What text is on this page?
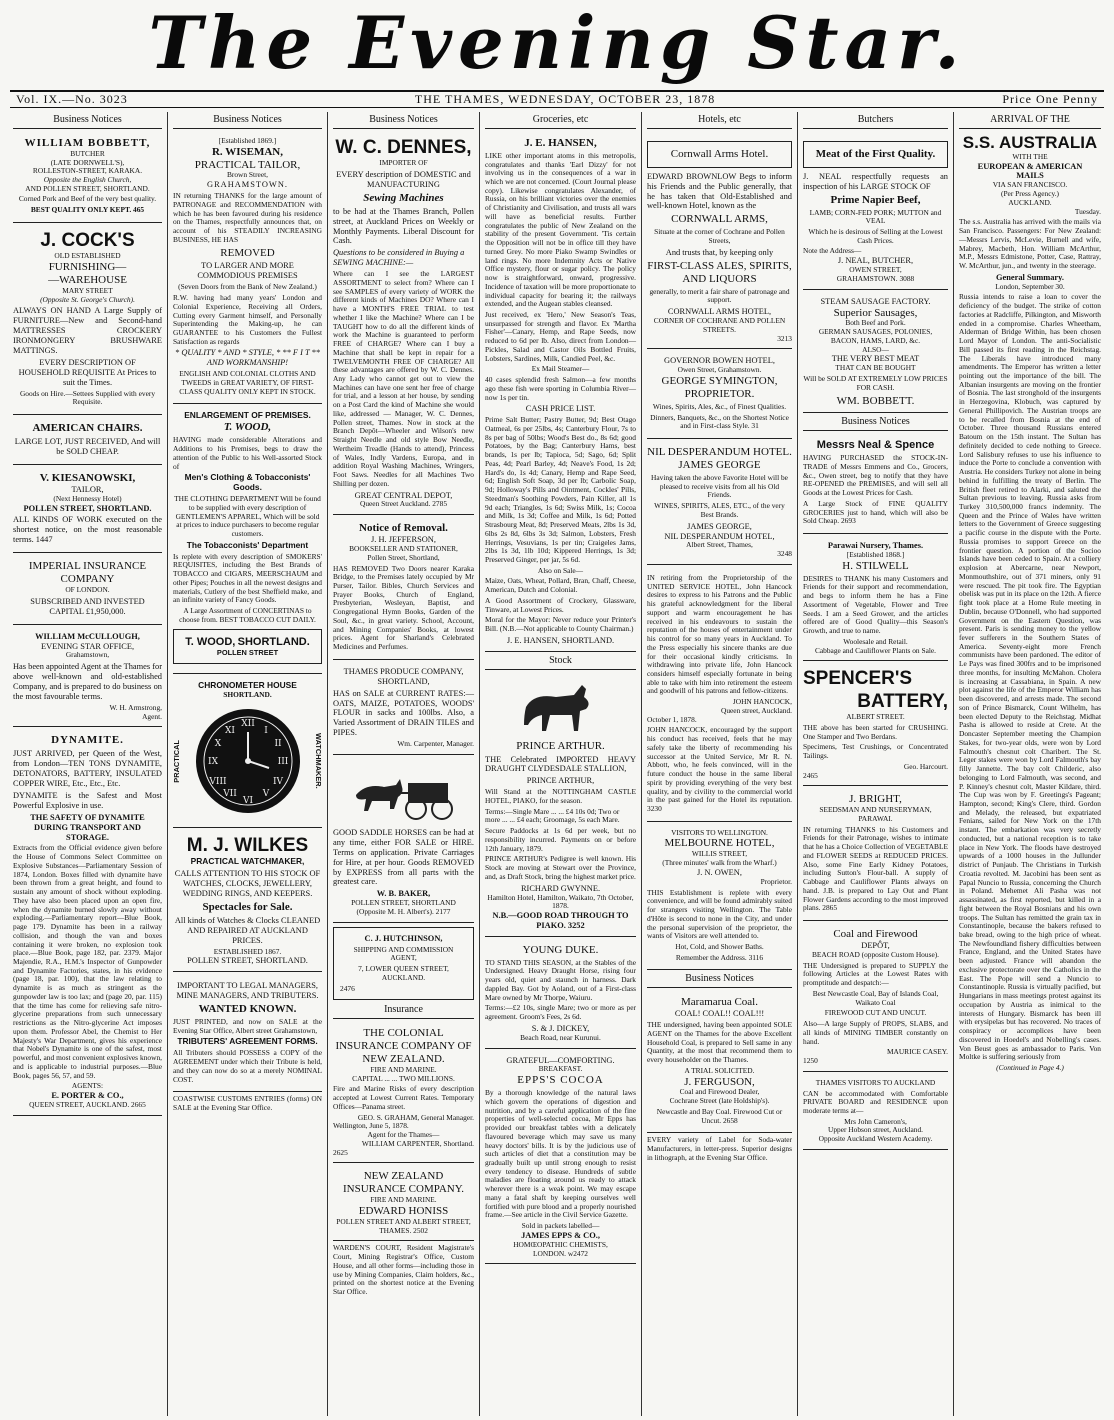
The Evening Star.
Vol. IX.—No. 3023	THE THAMES, WEDNESDAY, OCTOBER 23, 1878	Price One Penny
Business Notices
WILLIAM BOBBETT,
BUTCHER
(LATE DORNWELL'S),
ROLLESTON-STREET, KARAKA.
Opposite the English Church,
AND POLLEN STREET, SHORTLAND.

Corned Pork and Beef of the very best quality.

BEST QUALITY ONLY KEPT. 465

J. COCK'S
OLD ESTABLISHED
FURNISHING—
—WAREHOUSE
MARY STREET
(Opposite St. George's Church).

ALWAYS ON HAND A Large Supply of FURNITURE—New and Second-hand MATTRESSES CROCKERY IRONMONGERY BRUSHWARE MATTINGS.

EVERY DESCRIPTION OF HOUSEHOLD REQUISITE At Prices to suit the Times.

Goods on Hire.—Settees Supplied with every Requisite.

AMERICAN CHAIRS.

LARGE LOT, JUST RECEIVED, And will be SOLD CHEAP.

V. KIESANOWSKI,
TAILOR,
(Next Hennessy Hotel)
POLLEN STREET, SHORTLAND.

ALL KINDS OF WORK executed on the shortest notice, on the most reasonable terms. 1447

IMPERIAL INSURANCE COMPANY
OF LONDON.

SUBSCRIBED AND INVESTED CAPITAL £1,950,000.

WILLIAM McCULLOUGH,
EVENING STAR OFFICE,
Grahamstown,

Has been appointed Agent at the Thames for above well-known and old-established Company, and is prepared to do business on the most favourable terms.

W. H. Armstrong,
Agent.
DYNAMITE.

JUST ARRIVED, per Queen of the West, from London—TEN TONS DYNAMITE, DETONATORS, BATTERY, INSULATED COPPER WIRE, Etc., Etc., Etc.

DYNAMITE is the Safest and Most Powerful Explosive in use.

THE SAFETY OF DYNAMITE DURING TRANSPORT AND STORAGE.

Extracts from the Official evidence given before the House of Commons Select Committee on Explosive Substances—Parliamentary Session of 1874, London. Boxes filled with dynamite have been thrown from a great height, and found to sustain any amount of shock without exploding. They have also been placed upon an open fire, when the dynamite burned slowly away without exploding.—Parliamentary report—Blue Book, page 179. Dynamite has been in a railway collision, and though the van and boxes containing it were broken, no explosion took place.—Blue Book, page 182, par. 2379. Major Majendie, R.A., H.M.'s Inspector of Gunpowder and Dynamite Factories, states, in his evidence (page 18, par. 100), that the law relating to dynamite is as much as stringent as the gunpowder law is too lax; and (page 20, par. 115) that the time has come for relieving safe nitro-glycerine preparations from such unnecessary restrictions as the Nitro-glycerine Act imposes upon them. Professor Abel, the Chemist to Her Majesty's War Department, gives his experience that Nobel's Dynamite is one of the safest, most powerful, and most convenient explosives known, and is applicable to industrial purposes.—Blue Book, pages 56, 57, and 59.

AGENTS:
E. PORTER & CO.,
QUEEN STREET, AUCKLAND. 2665
Business Notices
[Established 1869.]
R. WISEMAN,
PRACTICAL TAILOR,
Brown Street,
GRAHAMSTOWN.

IN returning THANKS for the large amount of PATRONAGE and RECOMMENDATION with which he has been favoured during his residence on the Thames, respectfully announces that, on account of his STEADILY INCREASING BUSINESS, HE HAS

REMOVED

TO LARGER AND MORE COMMODIOUS PREMISES

(Seven Doors from the Bank of New Zealand.)

R.W. having had many years' London and Colonial Experience, Receiving all Orders, Cutting every Garment himself, and Personally Superintending the Making-up, he can GUARANTEE to his Customers the Fullest Satisfaction as regards

* QUALITY * AND * STYLE, * ** F I T ** AND WORKMANSHIP!

ENGLISH AND COLONIAL CLOTHS AND TWEEDS in GREAT VARIETY, OF FIRST-CLASS QUALITY ONLY KEPT IN STOCK.

ENLARGEMENT OF PREMISES.
T. WOOD,

HAVING made considerable Alterations and Additions to his Premises, begs to draw the attention of the Public to his Well-assorted Stock of

Men's Clothing & Tobacconists' Goods.

THE CLOTHING DEPARTMENT Will be found to be supplied with every description of GENTLEMEN'S APPAREL, Which will be sold at prices to induce purchasers to become regular customers.

The Tobacconists' Department

Is replete with every description of SMOKERS' REQUISITES, including the Best Brands of TOBACCO and CIGARS, MEERSCHAUM and other Pipes; Pouches in all the newest designs and materials, Cutlery of the best Sheffield make, and an infinite variety of Fancy Goods.

A Large Assortment of CONCERTINAS to choose from. BEST TOBACCO CUT DAILY.

T. WOOD, SHORTLAND.
POLLEN STREET
CHRONOMETER HOUSE
SHORTLAND.
PRACTICAL
XII
III
VI
IX
I
II
IV
V
VII
VIII
X
XI
WATCHMAKER.
M. J. WILKES
PRACTICAL WATCHMAKER,

CALLS ATTENTION TO HIS STOCK OF WATCHES, CLOCKS, JEWELLERY, WEDDING RINGS, AND KEEPERS.

Spectacles for Sale.

All kinds of Watches & Clocks CLEANED AND REPAIRED AT AUCKLAND PRICES.

ESTABLISHED 1867.
POLLEN STREET, SHORTLAND.

IMPORTANT TO LEGAL MANAGERS, MINE MANAGERS, AND TRIBUTERS.

WANTED KNOWN.

JUST PRINTED, and now on SALE at the Evening Star Office, Albert street Grahamstown,

TRIBUTERS' AGREEMENT FORMS.

All Tributers should POSSESS a COPY of the AGREEMENT under which their Tribute is held, and they can now do so at a merely NOMINAL COST.

COASTWISE CUSTOMS ENTRIES (forms) ON SALE at the Evening Star Office.

Business Notices
W. C. DENNES,
IMPORTER OF

EVERY description of DOMESTIC and MANUFACTURING

Sewing Machines

to be had at the Thames Branch, Pollen street, at Auckland Prices on Weekly or Monthly Payments. Liberal Discount for Cash.

Questions to be considered in Buying a SEWING MACHINE:—

Where can I see the LARGEST ASSORTMENT to select from? Where can I see SAMPLES of every variety of WORK the different kinds of Machines DO? Where can I have a MONTH'S FREE TRIAL to test whether I like the Machine? Where can I be TAUGHT how to do all the different kinds of work the Machine is guaranteed to perform FREE of CHARGE? Where can I buy a Machine that shall be kept in repair for a TWELVEMONTH FREE OF CHARGE? All these advantages are offered by W. C. Dennes. Any Lady who cannot get out to view the Machines can have one sent her free of charge for trial, and a lesson at her house, by sending on a Post Card the kind of Machine she would like, addressed — Manager, W. C. Dennes, Pollen street, Thames. Now in stock at the Branch Depôt—Wheeler and Wilson's new Straight Needle and old style Bow Needle, Wertheim Treadle (Hands to attend), Princess of Wales, Indly Vardens, Europa, and in addition Royal Washing Machines, Wringers, Foot Saws. Needles for all Machines Two Shilling per dozen.

GREAT CENTRAL DEPOT,
Queen Street Auckland. 2785
Notice of Removal.
J. H. JEFFERSON,
BOOKSELLER AND STATIONER,
Pollen Street, Shortland,

HAS REMOVED Two Doors nearer Karaka Bridge, to the Premises lately occupied by Mr Purser, Tailor. Bibles, Church Services and Prayer Books, Church of England, Presbyterian, Wesleyan, Baptist, and Congregational Hymn Books, Garden of the Soul, &c., in great variety. School, Account, and Mining Companies' Books, at lowest prices. Agent for Sharland's Celebrated Medicines and Perfumes.

THAMES PRODUCE COMPANY, SHORTLAND,

HAS on SALE at CURRENT RATES:— OATS, MAIZE, POTATOES, WOODS' FLOUR in sacks and 100lbs. Also, a Varied Assortment of DRAIN TILES and PIPES.

Wm. Carpenter, Manager.

GOOD SADDLE HORSES can be had at any time, either FOR SALE or HIRE. Terms on application. Private Carriages for Hire, at per hour. Goods REMOVED by EXPRESS from all parts with the greatest care.

W. B. BAKER,
POLLEN STREET, SHORTLAND
(Opposite M. H. Albert's). 2177
C. J. HUTCHINSON,

SHIPPING AND COMMISSION AGENT,

7, LOWER QUEEN STREET, AUCKLAND.

2476
Insurance
THE COLONIAL INSURANCE COMPANY OF NEW ZEALAND.
FIRE AND MARINE.
CAPITAL ... ... TWO MILLIONS.

Fire and Marine Risks of every description accepted at Lowest Current Rates. Temporary Offices—Panama street.

GEO. S. GRAHAM, General Manager.
Wellington, June 5, 1878.
Agent for the Thames—
WILLIAM CARPENTER, Shortland.
2625
NEW ZEALAND INSURANCE COMPANY.
FIRE AND MARINE.
EDWARD HONISS
POLLEN STREET AND ALBERT STREET, THAMES. 2502

WARDEN'S COURT, Resident Magistrate's Court, Mining Registrar's Office, Custom House, and all other forms—including those in use by Mining Companies, Claim holders, &c., printed on the shortest notice at the Evening Star Office.

Groceries, etc
J. E. HANSEN,

LIKE other important atoms in this metropolis, congratulates and thanks 'Earl Dizzy' for not involving us in the consequences of a war in which we are not concerned. (Court Journal please copy). Likewise congratulates Alexander, of Russia, on his brilliant victories over the enemies of Christianity and Civilisation, and trusts all wars will have as beneficial results. Further congratulates the public of New Zealand on the stability of the present Government. 'Tis certain the Opposition will not be in office till they have turned Grey. No more Piako Swamp Swindles or land rings. No more Indemnity Acts or Native Office mystery, flour or sugar policy. The policy now is straightforward, onward, progressive. Incidence of taxation will be more proportionate to individual capacity for bearing it; the railways extended, and the Augean stables cleansed.

Just received, ex 'Hero,' New Season's Teas, unsurpassed for strength and flavor. Ex 'Martha Fisher'—Canary, Hemp, and Rape Seeds, now reduced to 6d per lb. Also, direct from London—Pickles, Salad and Castor Oils Bottled Fruits, Lobsters, Sardines, Milk, Candied Peel, &c.

Ex Mail Steamer—

40 cases splendid fresh Salmon—a few months ago these fish were sporting in Columbia River—now 1s per tin.

CASH PRICE LIST.

Prime Salt Butter; Pastry Butter, 9d; Best Otago Oatmeal, 6s per 25lbs, 4s; Canterbury Flour, 7s to 8s per bag of 50lbs; Wood's Best do., 8s 6d; good Potatoes, by the Bag; Canterbury Hams, best brands, 1s per lb; Tapioca, 5d; Sago, 6d; Split Peas, 4d; Pearl Barley, 4d; Neave's Food, 1s 2d; Hard's do, 1s 4d; Canary, Hemp and Rape Seed, 6d; English Soft Soap, 3d per lb; Carbolic Soap, 9d; Holloway's Pills and Ointment, Cockles' Pills, Steedman's Soothing Powders, Pain Killer, all 1s 9d each; Triangles, 1s 6d; Swiss Milk, 1s; Cocoa and Milk, 1s 3d; Coffee and Milk, 1s 6d; Potted Strasbourg Meat, 8d; Preserved Meats, 2lbs 1s 3d, 6lbs 2s 8d, 6lbs 3s 3d; Salmon, Lobsters, Fresh Herrings, Vesuvians, 1s per tin; Craigeles Jams, 2lbs 1s 3d, 1lb 10d; Kippered Herrings, 1s 3d; Preserved Ginger, per jar, 5s 6d.

Also on Sale—

Maize, Oats, Wheat, Pollard, Bran, Chaff, Cheese, American, Dutch and Colonial.

A Good Assortment of Crockery, Glassware, Tinware, at Lowest Prices.

Moral for the Mayor: Never reduce your Printer's Bill. (N.B.—Not applicable to County Chairman.)

J. E. HANSEN, SHORTLAND.
Stock
PRINCE ARTHUR.

THE Celebrated IMPORTED HEAVY DRAUGHT CLYDESDALE STALLION,

PRINCE ARTHUR,

Will Stand at the NOTTINGHAM CASTLE HOTEL, PIAKO, for the season.

Terms:—Single Mare ... ... £4 10s 0d; Two or more ... ... £4 each; Groomage, 5s each Mare.

Secure Paddocks at 1s 6d per week, but no responsibility incurred. Payments on or before 12th January, 1879.

PRINCE ARTHUR's Pedigree is well known. His Stock are moving at Stewart over the Province, and, as Draft Stock, bring the highest market price.

RICHARD GWYNNE.
Hamilton Hotel, Hamilton, Waikato, 7th October, 1878.
N.B.—GOOD ROAD THROUGH TO PIAKO. 3252
YOUNG DUKE.

TO STAND THIS SEASON, at the Stables of the Undersigned. Heavy Draught Horse, rising four years old, quiet and staunch in harness. Dark dappled Bay. Got by Aoland, out of a First-class Mare owned by Mr Thorpe, Waiuru.

Terms:—£2 10s, single Mare; two or more as per agreement. Groom's Fees, 2s 6d.

S. & J. DICKEY,
Beach Road, near Kurunui.
GRATEFUL—COMFORTING.
BREAKFAST.
EPPS'S COCOA

By a thorough knowledge of the natural laws which govern the operations of digestion and nutrition, and by a careful application of the fine properties of well-selected cocoa, Mr Epps has provided our breakfast tables with a delicately flavoured beverage which may save us many heavy doctors' bills. It is by the judicious use of such articles of diet that a constitution may be gradually built up until strong enough to resist every tendency to disease. Hundreds of subtle maladies are floating around us ready to attack wherever there is a weak point. We may escape many a fatal shaft by keeping ourselves well fortified with pure blood and a properly nourished frame.—See article in the Civil Service Gazette.

Sold in packets labelled—
JAMES EPPS & CO.,
HOMŒOPATHIC CHEMISTS,
LONDON. w2472
Hotels, etc
Cornwall Arms Hotel.

EDWARD BROWNLOW Begs to inform his Friends and the Public generally, that he has taken that Old-Established and well-known Hotel, known as the

CORNWALL ARMS,

Situate at the corner of Cochrane and Pollen Streets,

And trusts that, by keeping only

FIRST-CLASS ALES, SPIRITS, AND LIQUORS

generally, to merit a fair share of patronage and support.

CORNWALL ARMS HOTEL,
CORNER OF COCHRANE AND POLLEN STREETS.
3213
GOVERNOR BOWEN HOTEL,
Owen Street, Grahamstown.
GEORGE SYMINGTON, PROPRIETOR.

Wines, Spirits, Ales, &c., of Finest Qualities.

Dinners, Banquets, &c., on the Shortest Notice and in First-class Style. 31

NIL DESPERANDUM HOTEL.
JAMES GEORGE

Having taken the above Favorite Hotel will be pleased to receive visits from all his Old Friends.

WINES, SPIRITS, ALES, ETC., of the very Best Brands.

JAMES GEORGE,
NIL DESPERANDUM HOTEL,
Albert Street, Thames,
3248

IN retiring from the Proprietorship of the UNITED SERVICE HOTEL, John Hancock desires to express to his Patrons and the Public his grateful acknowledgment for the liberal support and warm encouragement he has received in his endeavours to sustain the reputation of the houses of entertainment under his control for so many years in Auckland. To the Press especially his sincere thanks are due for their occasional kindly criticisms. In withdrawing into private life, John Hancock considers himself especially fortunate in being able to take with him into retirement the esteem and goodwill of his patrons and fellow-citizens.

JOHN HANCOCK,
Queen street, Auckland.
October 1, 1878.

JOHN HANCOCK, encouraged by the support his conduct has received, feels that he may safely take the liberty of recommending his successor at the United Service, Mr R. N. Abbott, who, he feels convinced, will in the future conduct the house in the same liberal spirit by providing everything of the very best quality, and by civility to the commercial world in the past gained for the Hotel its reputation. 3230

VISITORS TO WELLINGTON.
MELBOURNE HOTEL,
WILLIS STREET,
(Three minutes' walk from the Wharf.)
J. N. OWEN,
Proprietor.

THIS Establishment is replete with every convenience, and will be found admirably suited for strangers visiting Wellington. The Table d'Hôte is second to none in the City, and under the personal supervision of the proprietor, the wants of Visitors are well attended to.

Hot, Cold, and Shower Baths.

Remember the Address. 3116

Business Notices
Maramarua Coal.
COAL! COAL!! COAL!!!

THE undersigned, having been appointed SOLE AGENT on the Thames for the above Excellent Household Coal, is prepared to Sell same in any Quantity, at the most that recommend them to every householder on the Thames.

A TRIAL SOLICITED.
J. FERGUSON,
Coal and Firewood Dealer,
Cochrane Street (late Holdship's).

Newcastle and Bay Coal. Firewood Cut or Uncut. 2658

EVERY variety of Label for Soda-water Manufacturers, in letter-press. Superior designs in lithograph, at the Evening Star Office.

Butchers
Meat of the First Quality.

J. NEAL respectfully requests an inspection of his LARGE STOCK OF

Prime Napier Beef,

LAMB; CORN-FED PORK; MUTTON and VEAL

Which he is desirous of Selling at the Lowest Cash Prices.

Note the Address—
J. NEAL, BUTCHER,
OWEN STREET,
GRAHAMSTOWN. 3088
STEAM SAUSAGE FACTORY.
Superior Sausages,
Both Beef and Pork.
GERMAN SAUSAGES, POLONIES,
BACON, HAMS, LARD, &c.
ALSO—
THE VERY BEST MEAT
THAT CAN BE BOUGHT

Will be SOLD AT EXTREMELY LOW PRICES FOR CASH.

WM. BOBBETT.
Business Notices
Messrs Neal & Spence

HAVING PURCHASED the STOCK-IN-TRADE of Messrs Emmens and Co., Grocers, &c., Owen street, beg to notify that they have RE-OPENED the PREMISES, and will sell all Goods at the Lowest Prices for Cash.

A Large Stock of FINE QUALITY GROCERIES just to hand, which will also be Sold Cheap. 2693

Parawai Nursery, Thames.
[Established 1868.]
H. STILWELL

DESIRES to THANK his many Customers and Friends for their support and recommendation, and begs to inform them he has a Fine Assortment of Vegetable, Flower and Tree Seeds. I am a Seed Grower, and the articles offered are of Good Quality—this Season's Growth, and true to name.

Woolesale and Retail.
Cabbage and Cauliflower Plants on Sale.
SPENCER'S
BATTERY,
ALBERT STREET.

THE above has been started for CRUSHING. One Stamper and Two Berdans.

Specimens, Test Crushings, or Concentrated Tailings.

Geo. Harcourt.
2465
J. BRIGHT,
SEEDSMAN AND NURSERYMAN,
PARAWAI.

IN returning THANKS to his Customers and Friends for their Patronage, wishes to intimate that he has a Choice Collection of VEGETABLE and FLOWER SEEDS at REDUCED PRICES. Also, some Fine Early Kidney Potatoes, including Sutton's Flour-ball. A supply of Cabbage and Cauliflower Plants always on hand. J.B. is prepared to Lay Out and Plant Flower Gardens according to the most improved plans. 2865

Coal and Firewood
DEPÔT,
BEACH ROAD (opposite Custom House).

THE Undersigned is prepared to SUPPLY the following Articles at the Lowest Rates with promptitude and despatch:—

Best Newcastle Coal, Bay of Islands Coal, Waikato Coal

FIREWOOD CUT AND UNCUT.

Also—A large Supply of PROPS, SLABS, and all kinds of MINING TIMBER constantly on hand.

MAURICE CASEY.
1250
THAMES VISITORS TO AUCKLAND

CAN be accommodated with Comfortable PRIVATE BOARD and RESIDENCE upon moderate terms at—

Mrs John Cameron's,
Upper Hobson street, Auckland.
Opposite Auckland Western Academy.
ARRIVAL OF THE
S.S. AUSTRALIA
WITH THE
EUROPEAN & AMERICAN
MAILS
VIA SAN FRANCISCO.
(Per Press Agency.)
AUCKLAND.
Tuesday.

The s.s. Australia has arrived with the mails via San Francisco. Passengers: For New Zealand:—Messrs Lervis, McLevie, Burnell and wife, Mabrey, Macbeth, Hon. William McArthur, M.P., Messrs Edmistone, Potter, Case, Rattray, W. McArthur, jun., and twenty in the steerage.

General Summary.
London, September 30.

Russia intends to raise a loan to cover the deficiency of the budget. The strike of cotton factories at Radcliffe, Pilkington, and Misworth ended in a compromise. Charles Wheetham, Alderman of Bridge Within, has been chosen Lord Mayor of London. The anti-Socialistic Bill passed its first reading in the Reichstag. The Liberals have introduced many amendments. The Emperor has written a letter pointing out the importance of the bill. The Albanian insurgents are moving on the frontier of Bosnia. The last stronghold of the insurgents in Herzegovina, Klobuch, was captured by General Phillipovich. The Austrian troops are to be recalled from Bosnia at the end of October. Three thousand Russians entered Batoum on the 15th instant. The Sultan has definitely decided to cede nothing to Greece. Lord Salisbury refuses to use his influence to induce the Porte to conclude a convention with Austria. He considers Turkey not alone in being behind in fulfilling the treaty of Berlin. The British fleet retired to Alarki, and saluted the Sultan previous to leaving. Russia asks from Turkey 310,500,000 francs indemnity. The Queen and the Prince of Wales have written letters to the Government of Greece suggesting a pacific course in the dispute with the Porte. Russia promises to support Greece on the frontier question. A portion of the Socioo Islands have been ceded to Spain. At a colliery explosion at Abercarne, near Newport, Monmouthshire, out of 371 miners, only 91 were rescued. The pit took fire. The Egyptian obelisk was put in its place on the 12th. A fierce fight took place at a Home Rule meeting in Dublin, because O'Donnell, who had supported Government on the Eastern Question, was present. Paris is sending money to the yellow fever sufferers in the Southern States of America. Seventy-eight more French communists have been pardoned. The editor of Le Pays was fined 300frs and to be imprisoned three months, for insulting McMahon. Cholera is increasing at Cassabiana, in Spain. A new plot against the life of the Emperor William has been discovered, and arrests made. The second son of Prince Bismarck, Count Wilhelm, has been elected Deputy to the Reichstag. Midhat Pasha is allowed to reside at Crete. At the Doncaster September meeting the Champion Stakes, for two-year olds, were won by Lord Falmouth's chesnut colt Charibert. The St. Leger stakes were won by Lord Falmouth's bay filly Jannette. The bay colt Childeric, also belonging to Lord Falmouth, was second, and P. Kinney's chesnut colt, Master Kildare, third. The Cup was won by F. Greetings's Pageant; Hampton, second; King's Clere, third. Gordon and Melady, the released, but expatriated Fenians, sailed for New York on the 17th instant. The embarkation was very secretly conducted, but a national reception is to take place in New York. The floods have destroyed upwards of a 1000 houses in the Jullunder district of Punjaub. The Christians in Turkish Croatia revolted. M. Jacobini has been sent as Papal Nuncio to Russia, concerning the Church in Poland. Mehemet Ali Pasha was not assassinated, as first reported, but killed in a fight between the Royal Bosnians and his own troops. The Sultan has remitted the grain tax in Constantinople, because the bakers refused to bake bread, owing to the high price of wheat. The Newfoundland fishery difficulties between France, England, and the United States have been adjusted. France will abandon the exclusive protectorate over the Catholics in the East. The Pope will send a Nuncio to Constantinople. Russia is virtually pacified, but Hungarians in mass meetings protest against its occupation by Austria as inimical to the interests of Hungary. Bismarck has been ill with erysipelas but has recovered. No traces of conspiracy or accomplices have been discovered in Hoedel's and Nobelling's cases. Von Beust goes as ambassador to Paris. Von Moltke is suffering seriously from

(Continued in Page 4.)
